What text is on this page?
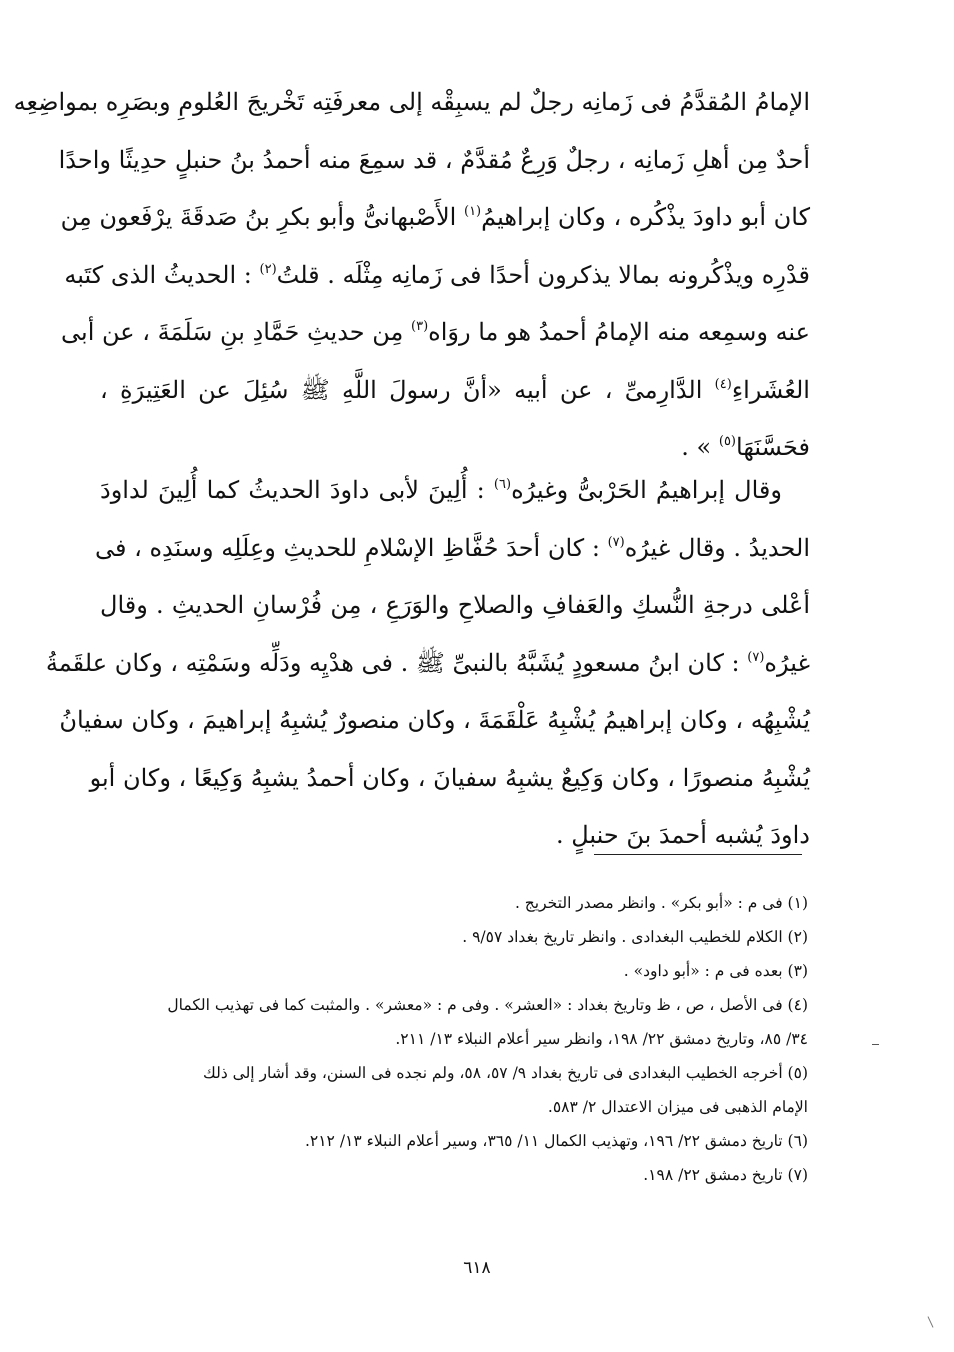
الإمامُ المُقدَّمُ فى زَمانِه رجلٌ لم يسبِقْه إلى معرفَتِه تَخْريجَ العُلومِ وبصَرِه بمواضِعِه
أحدٌ مِن أهلِ زَمانِه ، رجلٌ وَرِعٌ مُقدَّمٌ ، قد سمِعَ منه أحمدُ بنُ حنبلٍ حدِيثًا واحدًا
كان أبو داودَ يذْكُره ، وكان إبراهيمُ$^{(١)}$ الأَصْبهانىُّ وأبو بكرِ بنُ صَدقَةَ يرْفَعون مِن
قدْرِه ويذْكُرونه بمالا يذكرون أحدًا فى زَمانِه مِثْلَه . قلتُ$^{(٢)}$ : الحديثُ الذى كتَبه
عنه وسمِعه منه الإمامُ أحمدُ هو ما روَاه$^{(٣)}$ مِن حديثِ حَمَّادِ بنِ سَلَمَةَ ، عن أبى
العُشَراءِ$^{(٤)}$ الدَّارِمىِّ ، عن أبيه «أنَّ رسولَ اللَّهِ ﷺ سُئِلَ عن العَتِيرَةِ ،
فحَسَّنَهَا$^{(٥)}$ » .
وقال إبراهيمُ الحَرْبىُّ وغيرُه$^{(٦)}$ : أُلِينَ لأبى داودَ الحديثُ كما أُلِينَ لداودَ
الحديدُ . وقال غيرُه$^{(٧)}$ : كان أحدَ حُفَّاظِ الإسْلامِ للحديثِ وعِلَلِه وسنَدِه ، فى
أعْلى درجةِ النُّسكِ والعَفافِ والصلاحِ والوَرَعِ ، مِن فُرْسانِ الحديثِ . وقال
غيرُه$^{(٧)}$ : كان ابنُ مسعودٍ يُشَبَّهُ بالنبىِّ ﷺ . فى هدْيِه ودَلِّه وسَمْتِه ، وكان علقَمةُ
يُشْبِهُه ، وكان إبراهيمُ يُشْبِهُ عَلْقَمَةَ ، وكان منصورٌ يُشبِهُ إبراهيمَ ، وكان سفيانُ
يُشْبِهُ منصورًا ، وكان وَكِيعٌ يشبِهُ سفيانَ ، وكان أحمدُ يشبِهُ وَكِيعًا ، وكان أبو
داودَ يُشبه أحمدَ بنَ حنبلٍ .
(١) فى م : «أبو بكر» . وانظر مصدر التخريج .
(٢) الكلام للخطيب البغدادى . وانظر تاريخ بغداد ٩/٥٧ .
(٣) بعده فى م : «أبو داود» .
(٤) فى الأصل ، ص ، ظ وتاريخ بغداد : «العشر» . وفى م : «معشر» . والمثبت كما فى تهذيب الكمال
٣٤/ ٨٥، وتاريخ دمشق ٢٢/ ١٩٨، وانظر سير أعلام النبلاء ١٣/ ٢١١.
(٥) أخرجه الخطيب البغدادى فى تاريخ بغداد ٩/ ٥٧، ٥٨، ولم نجده فى السنن، وقد أشار إلى ذلك
الإمام الذهبى فى ميزان الاعتدال ٢/ ٥٨٣.
(٦) تاريخ دمشق ٢٢/ ١٩٦، وتهذيب الكمال ١١/ ٣٦٥، وسير أعلام النبلاء ١٣/ ٢١٢.
(٧) تاريخ دمشق ٢٢/ ١٩٨.
٦١٨
